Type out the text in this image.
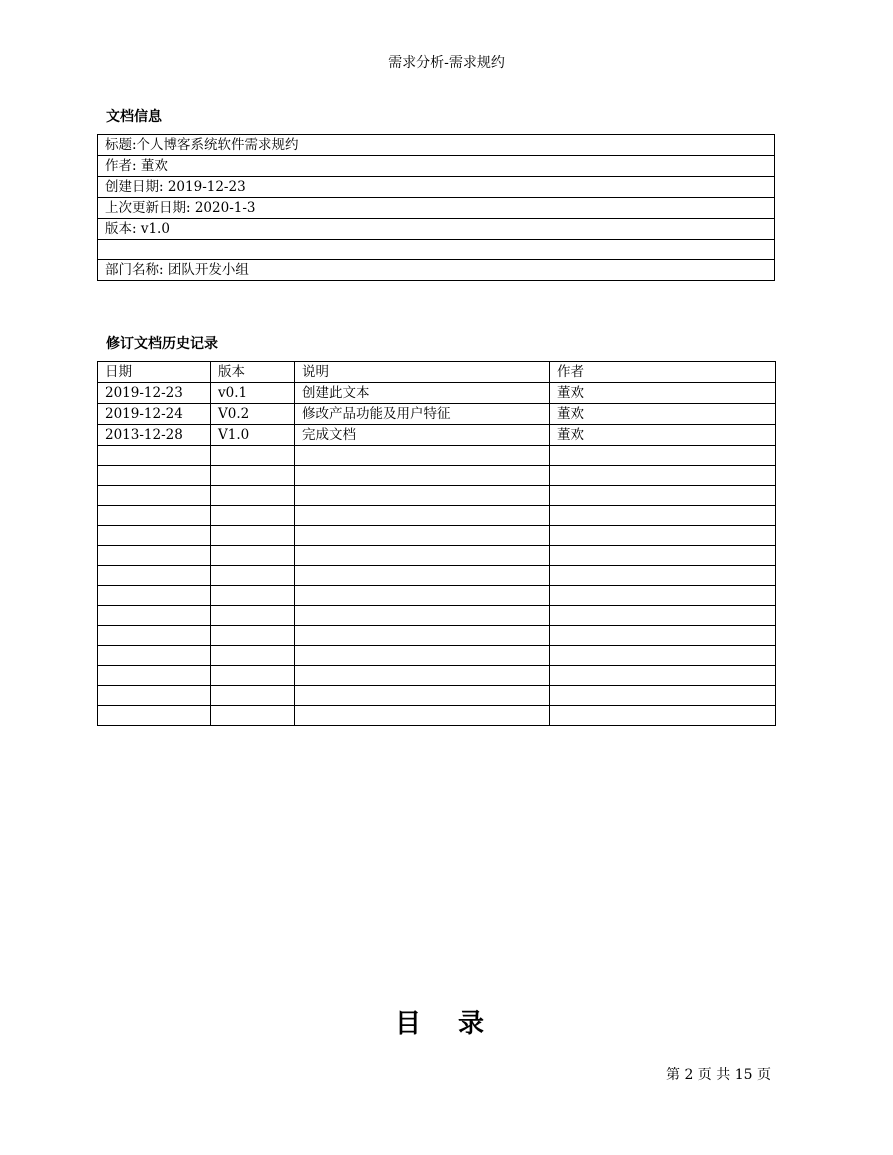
需求分析-需求规约
文档信息
标题:个人博客系统软件需求规约
作者: 董欢
创建日期: 2019-12-23
上次更新日期: 2020-1-3
版本: v1.0

部门名称: 团队开发小组
修订文档历史记录
日期	版本	说明	作者
2019-12-23	v0.1	创建此文本	董欢
2019-12-24	V0.2	修改产品功能及用户特征	董欢
2013-12-28	V1.0	完成文档	董欢

目 录
第 2 页 共 15 页
